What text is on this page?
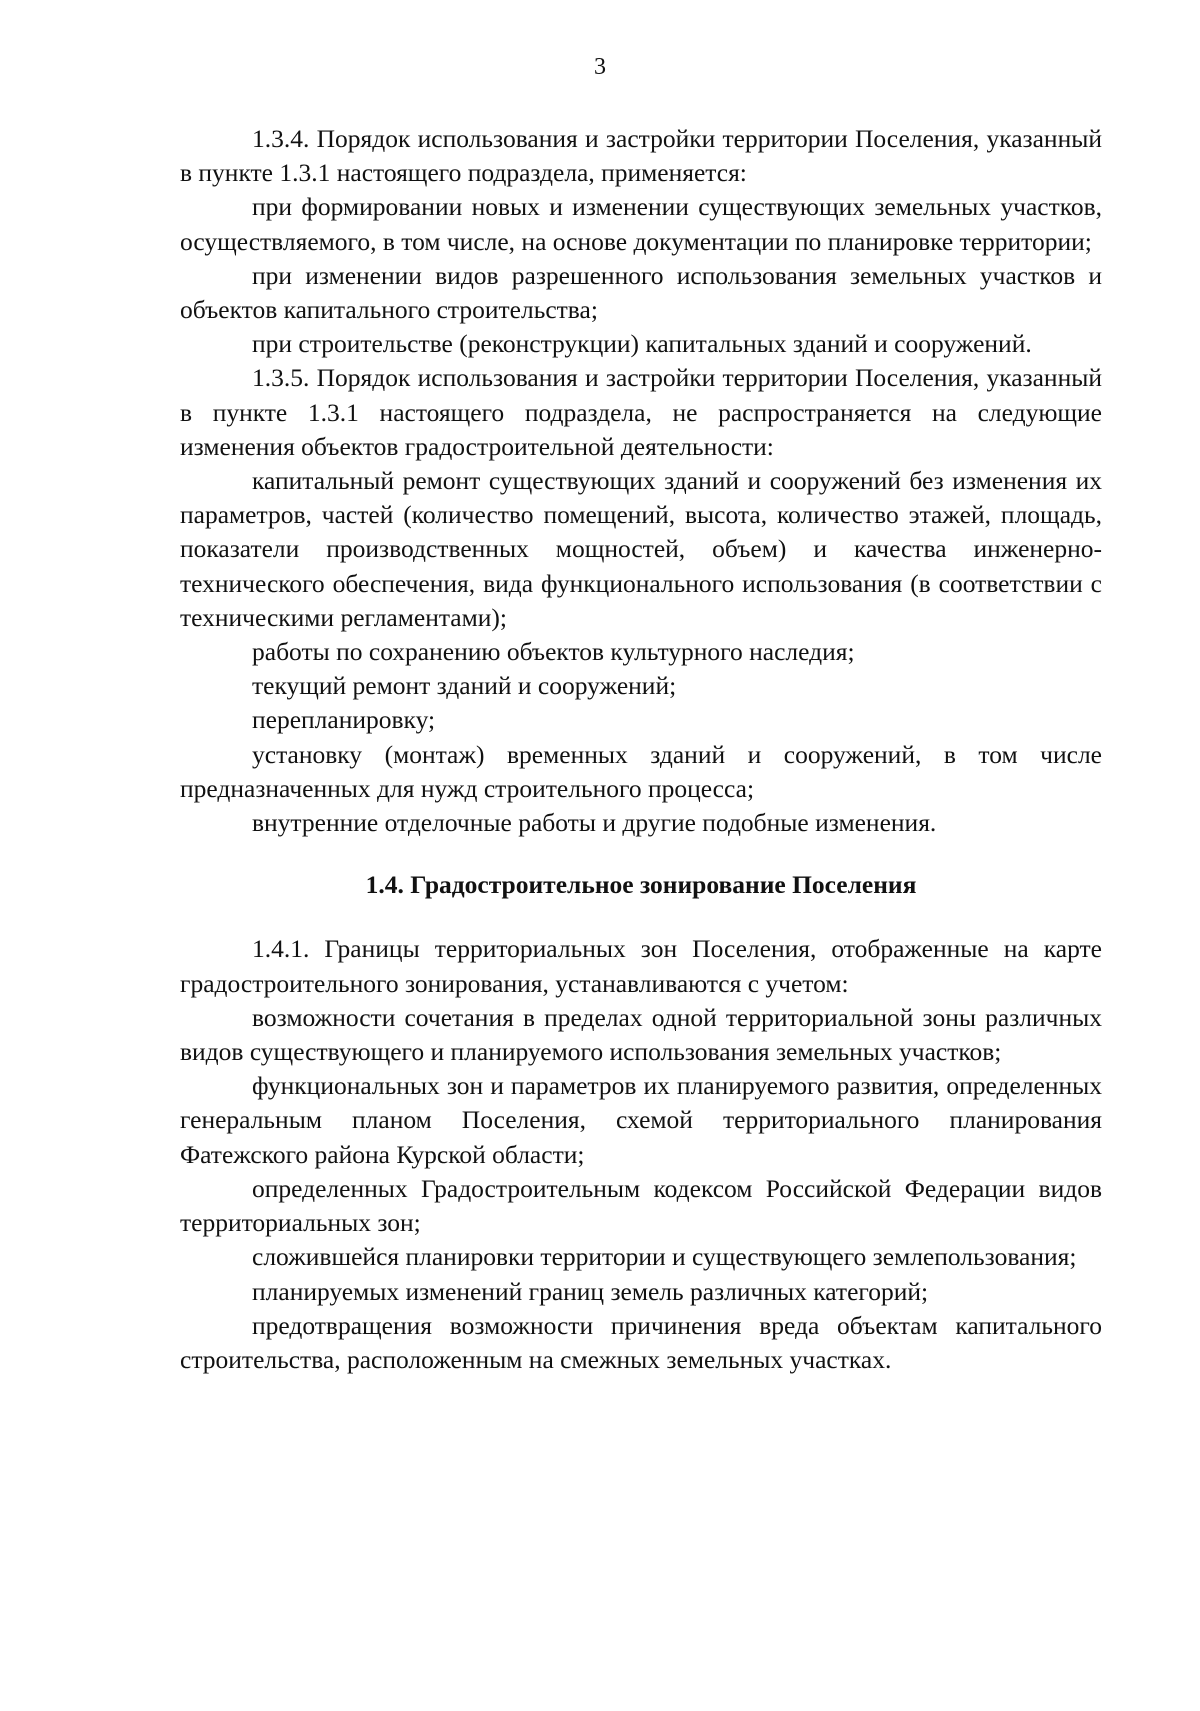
3

1.3.4. Порядок использования и застройки территории Поселения, указанный в пункте 1.3.1 настоящего подраздела, применяется:

при формировании новых и изменении существующих земельных участков, осуществляемого, в том числе, на основе документации по планировке территории;

при изменении видов разрешенного использования земельных участков и объектов капитального строительства;

при строительстве (реконструкции) капитальных зданий и сооружений.

1.3.5. Порядок использования и застройки территории Поселения, указанный в пункте 1.3.1 настоящего подраздела, не распространяется на следующие изменения объектов градостроительной деятельности:

капитальный ремонт существующих зданий и сооружений без изменения их параметров, частей (количество помещений, высота, количество этажей, площадь, показатели производственных мощностей, объем) и качества инженерно-технического обеспечения, вида функционального использования (в соответствии с техническими регламентами);

работы по сохранению объектов культурного наследия;

текущий ремонт зданий и сооружений;

перепланировку;

установку (монтаж) временных зданий и сооружений, в том числе предназначенных для нужд строительного процесса;

внутренние отделочные работы и другие подобные изменения.

1.4. Градостроительное зонирование Поселения

1.4.1. Границы территориальных зон Поселения, отображенные на карте градостроительного зонирования, устанавливаются с учетом:

возможности сочетания в пределах одной территориальной зоны различных видов существующего и планируемого использования земельных участков;

функциональных зон и параметров их планируемого развития, определенных генеральным планом Поселения, схемой территориального планирования Фатежского района Курской области;

определенных Градостроительным кодексом Российской Федерации видов территориальных зон;

сложившейся планировки территории и существующего землепользования;

планируемых изменений границ земель различных категорий;

предотвращения возможности причинения вреда объектам капитального строительства, расположенным на смежных земельных участках.
